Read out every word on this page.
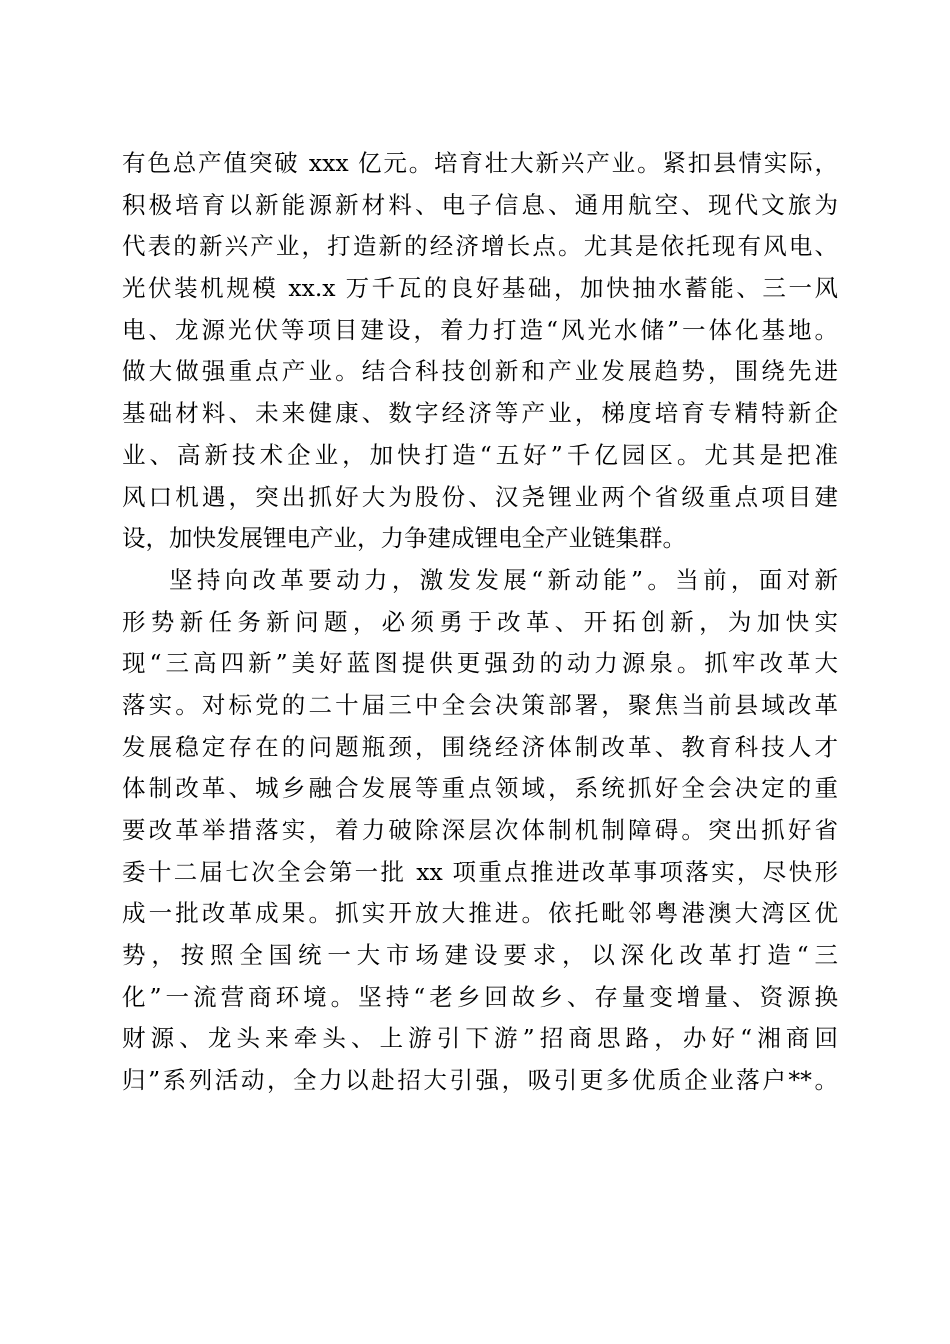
有色总产值突破 xxx 亿元。培育壮大新兴产业。紧扣县情实际，
积极培育以新能源新材料、电子信息、通用航空、现代文旅为
代表的新兴产业，打造新的经济增长点。尤其是依托现有风电、
光伏装机规模 xx.x 万千瓦的良好基础，加快抽水蓄能、三一风
电、龙源光伏等项目建设，着力打造“风光水储”一体化基地。
做大做强重点产业。结合科技创新和产业发展趋势，围绕先进
基础材料、未来健康、数字经济等产业，梯度培育专精特新企
业、高新技术企业，加快打造“五好”千亿园区。尤其是把准
风口机遇，突出抓好大为股份、汉尧锂业两个省级重点项目建
设，加快发展锂电产业，力争建成锂电全产业链集群。
坚持向改革要动力，激发发展“新动能”。当前，面对新
形势新任务新问题，必须勇于改革、开拓创新，为加快实
现“三高四新”美好蓝图提供更强劲的动力源泉。抓牢改革大
落实。对标党的二十届三中全会决策部署，聚焦当前县域改革
发展稳定存在的问题瓶颈，围绕经济体制改革、教育科技人才
体制改革、城乡融合发展等重点领域，系统抓好全会决定的重
要改革举措落实，着力破除深层次体制机制障碍。突出抓好省
委十二届七次全会第一批 xx 项重点推进改革事项落实，尽快形
成一批改革成果。抓实开放大推进。依托毗邻粤港澳大湾区优
势，按照全国统一大市场建设要求，以深化改革打造“三
化”一流营商环境。坚持“老乡回故乡、存量变增量、资源换
财源、龙头来牵头、上游引下游”招商思路，办好“湘商回
归”系列活动，全力以赴招大引强，吸引更多优质企业落户**。
